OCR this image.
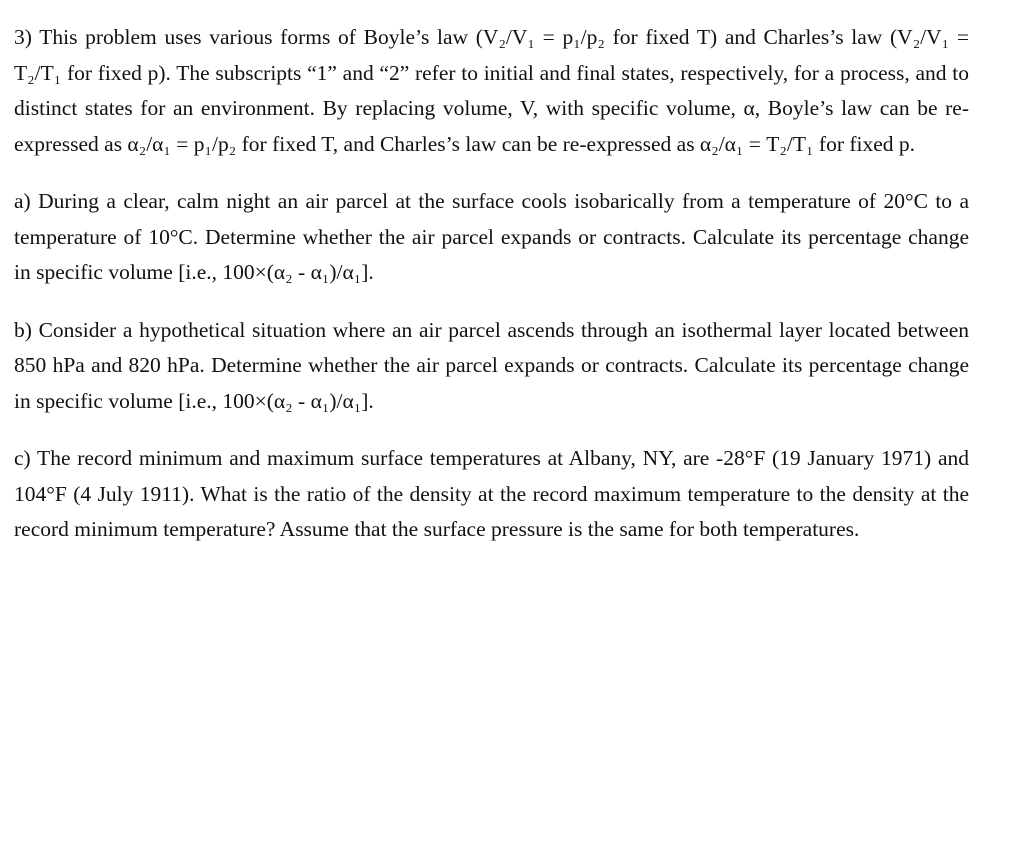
3) This problem uses various forms of Boyle’s law (V₂/V₁ = p₁/p₂ for fixed T) and Charles’s law (V₂/V₁ = T₂/T₁ for fixed p). The subscripts “1” and “2” refer to initial and final states, respectively, for a process, and to distinct states for an environment. By replacing volume, V, with specific volume, α, Boyle’s law can be re-expressed as α₂/α₁ = p₁/p₂ for fixed T, and Charles’s law can be re-expressed as α₂/α₁ = T₂/T₁ for fixed p.

a) During a clear, calm night an air parcel at the surface cools isobarically from a temperature of 20°C to a temperature of 10°C. Determine whether the air parcel expands or contracts. Calculate its percentage change in specific volume [i.e., 100×(α₂ - α₁)/α₁].

b) Consider a hypothetical situation where an air parcel ascends through an isothermal layer located between 850 hPa and 820 hPa. Determine whether the air parcel expands or contracts. Calculate its percentage change in specific volume [i.e., 100×(α₂ - α₁)/α₁].

c) The record minimum and maximum surface temperatures at Albany, NY, are -28°F (19 January 1971) and 104°F (4 July 1911). What is the ratio of the density at the record maximum temperature to the density at the record minimum temperature? Assume that the surface pressure is the same for both temperatures.
